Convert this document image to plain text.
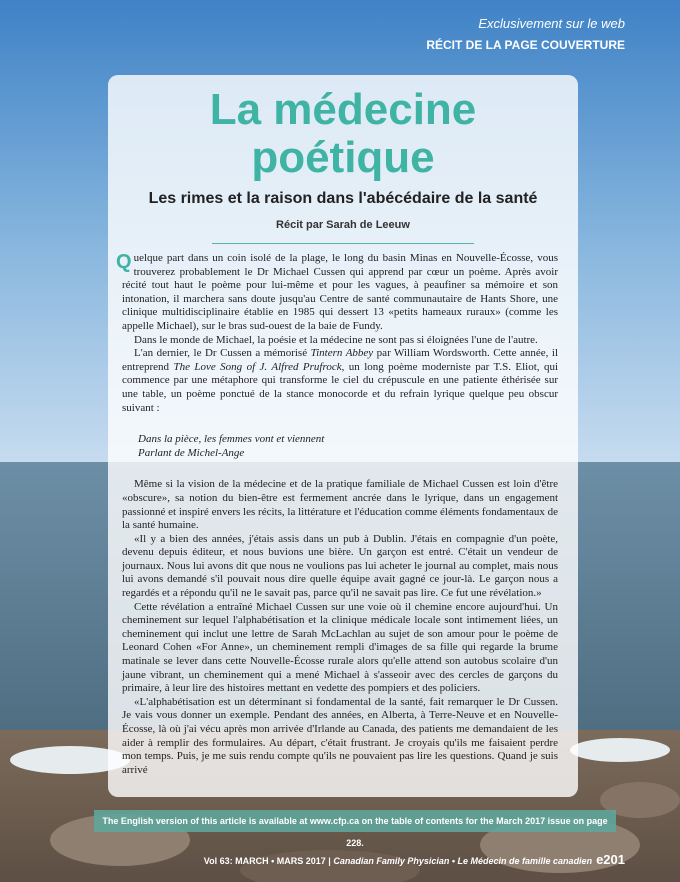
Exclusivement sur le web
RÉCIT DE LA PAGE COUVERTURE
La médecine
poétique
Les rimes et la raison dans l'abécédaire de la santé
Récit par Sarah de Leeuw

Quelque part dans un coin isolé de la plage, le long du basin Minas en Nouvelle-Écosse, vous trouverez probablement le Dr Michael Cussen qui apprend par cœur un poème. Après avoir récité tout haut le poème pour lui-même et pour les vagues, à peaufiner sa mémoire et son intonation, il marchera sans doute jusqu'au Centre de santé communautaire de Hants Shore, une clinique multidisciplinaire établie en 1985 qui dessert 13 «petits hameaux ruraux» (comme les appelle Michael), sur le bras sud-ouest de la baie de Fundy.

Dans le monde de Michael, la poésie et la médecine ne sont pas si éloignées l'une de l'autre.

L'an dernier, le Dr Cussen a mémorisé Tintern Abbey par William Wordsworth. Cette année, il entreprend The Love Song of J. Alfred Prufrock, un long poème moderniste par T.S. Eliot, qui commence par une métaphore qui transforme le ciel du crépuscule en une patiente éthérisée sur une table, un poème ponctué de la stance monocorde et du refrain lyrique quelque peu obscur suivant :

Dans la pièce, les femmes vont et viennent
Parlant de Michel-Ange

Même si la vision de la médecine et de la pratique familiale de Michael Cussen est loin d'être «obscure», sa notion du bien-être est fermement ancrée dans le lyrique, dans un engagement passionné et inspiré envers les récits, la littérature et l'éducation comme éléments fondamentaux de la santé humaine.

«Il y a bien des années, j'étais assis dans un pub à Dublin. J'étais en compagnie d'un poète, devenu depuis éditeur, et nous buvions une bière. Un garçon est entré. C'était un vendeur de journaux. Nous lui avons dit que nous ne voulions pas lui acheter le journal au complet, mais nous lui avons demandé s'il pouvait nous dire quelle équipe avait gagné ce jour-là. Le garçon nous a regardés et a répondu qu'il ne le savait pas, parce qu'il ne savait pas lire. Ce fut une révélation.»

Cette révélation a entraîné Michael Cussen sur une voie où il chemine encore aujourd'hui. Un cheminement sur lequel l'alphabétisation et la clinique médicale locale sont intimement liées, un cheminement qui inclut une lettre de Sarah McLachlan au sujet de son amour pour le poème de Leonard Cohen «For Anne», un cheminement rempli d'images de sa fille qui regarde la brume matinale se lever dans cette Nouvelle-Écosse rurale alors qu'elle attend son autobus scolaire d'un jaune vibrant, un cheminement qui a mené Michael à s'asseoir avec des cercles de garçons du primaire, à leur lire des histoires mettant en vedette des pompiers et des policiers.

«L'alphabétisation est un déterminant si fondamental de la santé, fait remarquer le Dr Cussen. Je vais vous donner un exemple. Pendant des années, en Alberta, à Terre-Neuve et en Nouvelle-Écosse, là où j'ai vécu après mon arrivée d'Irlande au Canada, des patients me demandaient de les aider à remplir des formulaires. Au départ, c'était frustrant. Je croyais qu'ils me faisaient perdre mon temps. Puis, je me suis rendu compte qu'ils ne pouvaient pas lire les questions. Quand je suis arrivé

The English version of this article is available at www.cfp.ca on the table of contents for the March 2017 issue on page 228.
Vol 63: MARCH • MARS 2017 | Canadian Family Physician • Le Médecin de famille canadien e201
